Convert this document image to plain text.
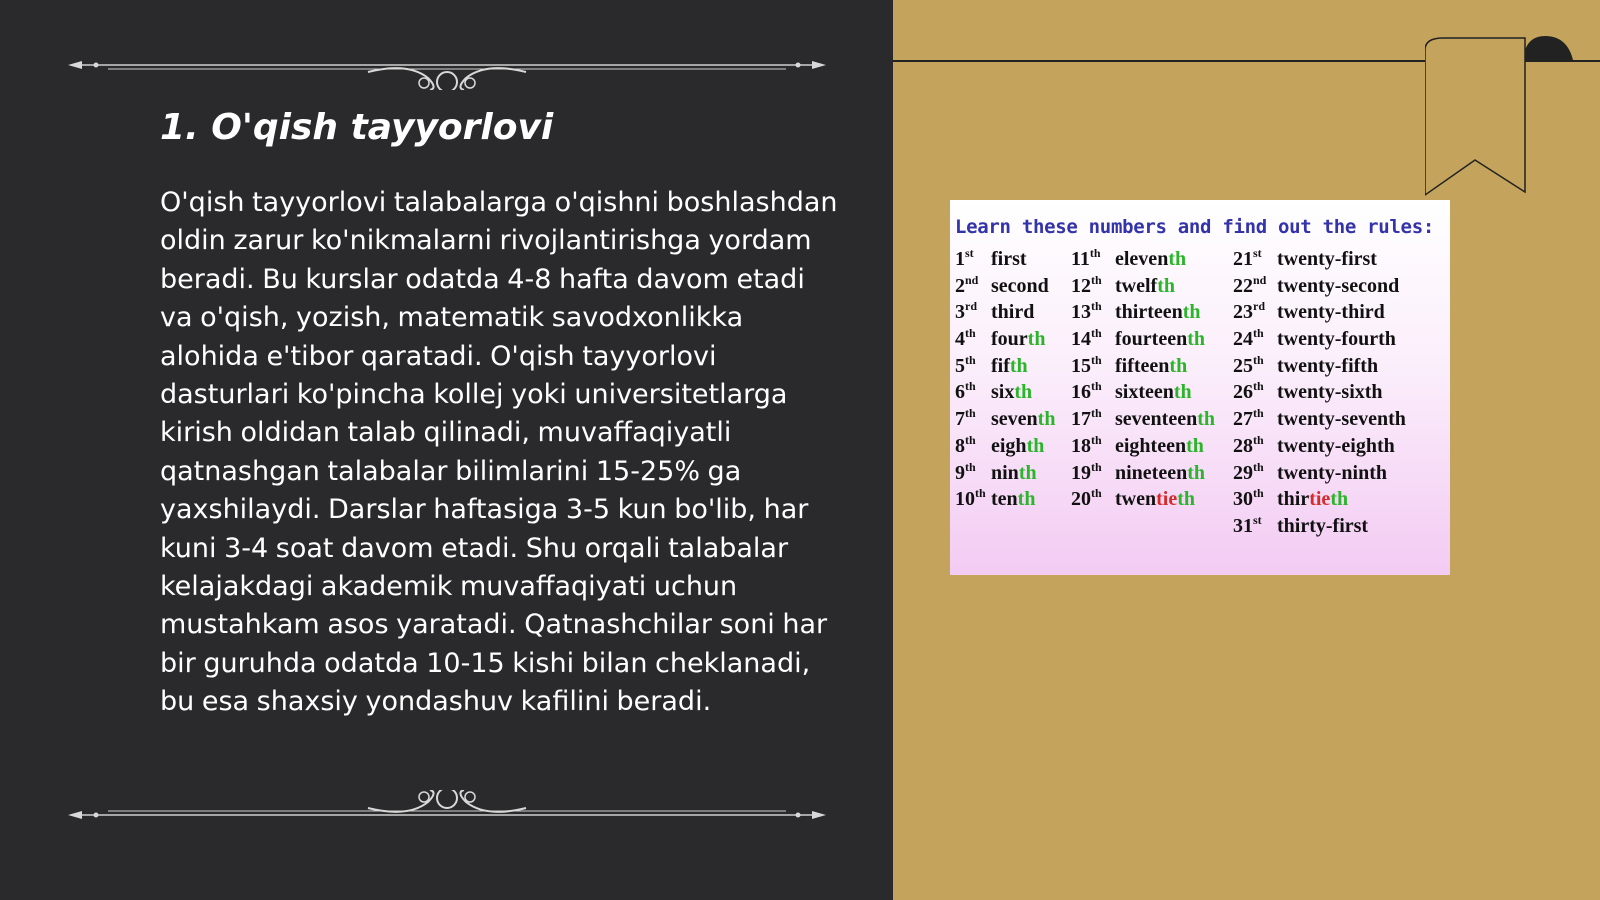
1. O'qish tayyorlovi

O'qish tayyorlovi talabalarga o'qishni boshlashdan oldin zarur ko'nikmalarni rivojlantirishga yordam beradi. Bu kurslar odatda 4-8 hafta davom etadi va o'qish, yozish, matematik savodxonlikka alohida e'tibor qaratadi. O'qish tayyorlovi dasturlari ko'pincha kollej yoki universitetlarga kirish oldidan talab qilinadi, muvaffaqiyatli qatnashgan talabalar bilimlarini 15-25% ga yaxshilaydi. Darslar haftasiga 3-5 kun bo'lib, har kuni 3-4 soat davom etadi. Shu orqali talabalar kelajakdagi akademik muvaffaqiyati uchun mustahkam asos yaratadi. Qatnashchilar soni har bir guruhda odatda 10-15 kishi bilan cheklanadi, bu esa shaxsiy yondashuv kafilini beradi.

Learn these numbers and find out the rules:
1st first
2nd second
3rd third
4th fourth
5th fifth
6th sixth
7th seventh
8th eighth
9th ninth
10th tenth
11th eleventh
12th twelfth
13th thirteenth
14th fourteenth
15th fifteenth
16th sixteenth
17th seventeenth
18th eighteenth
19th nineteenth
20th twentieth
21st twenty-first
22nd twenty-second
23rd twenty-third
24th twenty-fourth
25th twenty-fifth
26th twenty-sixth
27th twenty-seventh
28th twenty-eighth
29th twenty-ninth
30th thirtieth
31st thirty-first
